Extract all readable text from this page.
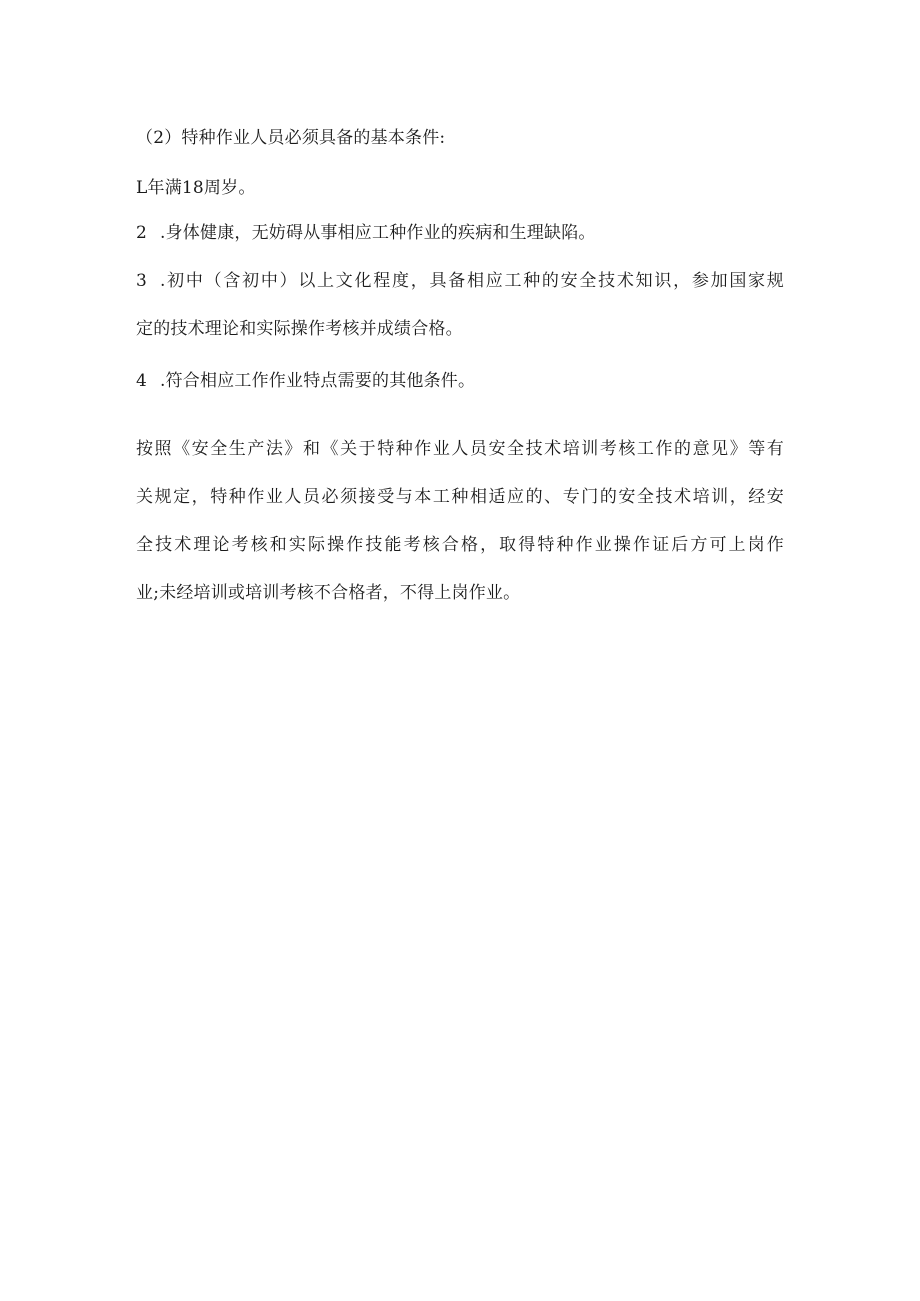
（2）特种作业人员必须具备的基本条件:
L年满18周岁。
2 .身体健康，无妨碍从事相应工种作业的疾病和生理缺陷。
3 .初中（含初中）以上文化程度，具备相应工种的安全技术知识，参加国家规
定的技术理论和实际操作考核并成绩合格。
4 .符合相应工作作业特点需要的其他条件。
按照《安全生产法》和《关于特种作业人员安全技术培训考核工作的意见》等有
关规定，特种作业人员必须接受与本工种相适应的、专门的安全技术培训，经安
全技术理论考核和实际操作技能考核合格，取得特种作业操作证后方可上岗作
业;未经培训或培训考核不合格者，不得上岗作业。
